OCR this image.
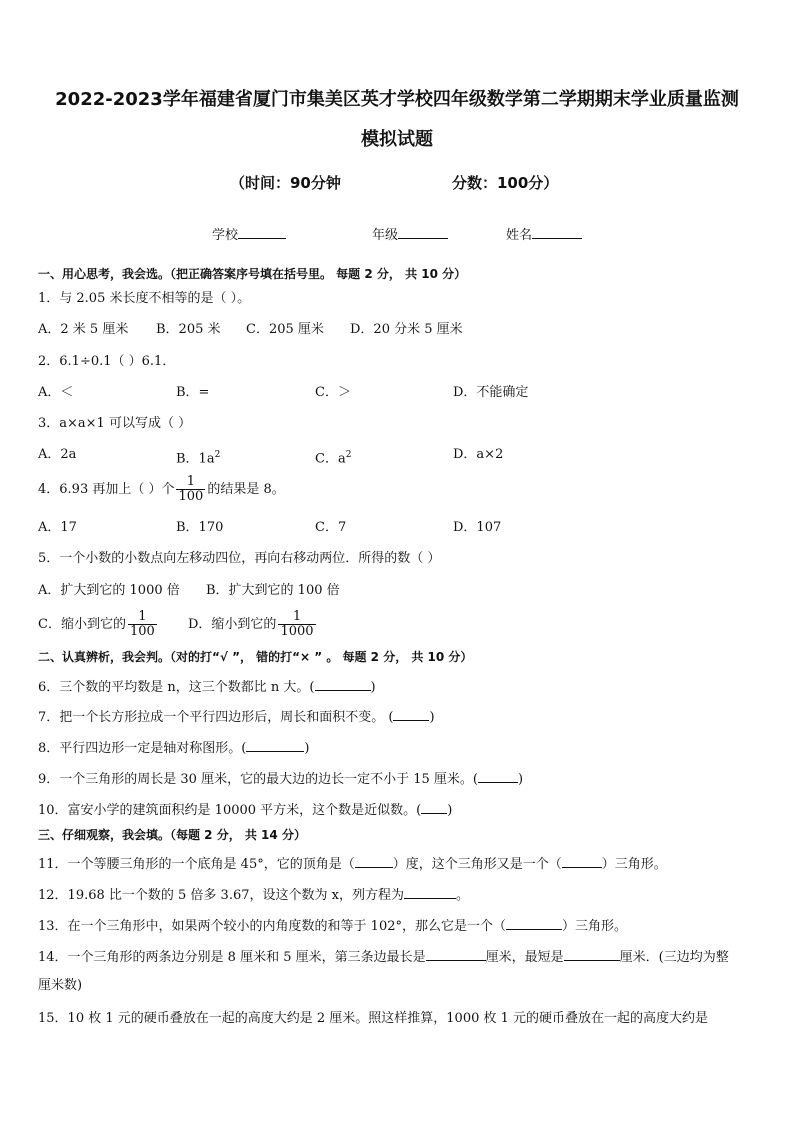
2022-2023学年福建省厦门市集美区英才学校四年级数学第二学期期末学业质量监测
模拟试题
（时间：90分钟	分数：100分）
学校	年级	姓名
一、用心思考，我会选。（把正确答案序号填在括号里。 每题 2 分， 共 10 分）
1．与 2.05 米长度不相等的是（ ）。
A．2 米 5 厘米 B．205 米 C．205 厘米 D．20 分米 5 厘米
2．6.1÷0.1（ ）6.1．
A．＜	B．=	C．＞	D．不能确定
3．a×a×1 可以写成（ ）
A．2a	B．$1a^2$	C．$a^2$	D．a×2
4．6.93 再加上（ ）个 $\frac{1}{100}$ 的结果是 8。
A．17	B．170	C．7	D．107
5．一个小数的小数点向左移动四位，再向右移动两位．所得的数（ ）
A．扩大到它的 1000 倍 B．扩大到它的 100 倍
C．缩小到它的 $\frac{1}{100}$ D．缩小到它的 $\frac{1}{1000}$
二、认真辨析，我会判。（对的打“√ ”， 错的打“× ” 。 每题 2 分， 共 10 分）
6．三个数的平均数是 n，这三个数都比 n 大。(	)
7．把一个长方形拉成一个平行四边形后，周长和面积不变。 (	)
8．平行四边形一定是轴对称图形。(	)
9．一个三角形的周长是 30 厘米，它的最大边的边长一定不小于 15 厘米。(	)
10．富安小学的建筑面积约是 10000 平方米，这个数是近似数。( )
三、仔细观察，我会填。（每题 2 分， 共 14 分）
11．一个等腰三角形的一个底角是 45°，它的顶角是（	）度，这个三角形又是一个（	）三角形。
12．19.68 比一个数的 5 倍多 3.67，设这个数为 x，列方程为	。
13．在一个三角形中，如果两个较小的内角度数的和等于 102°，那么它是一个（	）三角形。
14．一个三角形的两条边分别是 8 厘米和 5 厘米，第三条边最长是	厘米，最短是	厘米．(三边均为整
厘米数)
15．10 枚 1 元的硬币叠放在一起的高度大约是 2 厘米。照这样推算，1000 枚 1 元的硬币叠放在一起的高度大约是
